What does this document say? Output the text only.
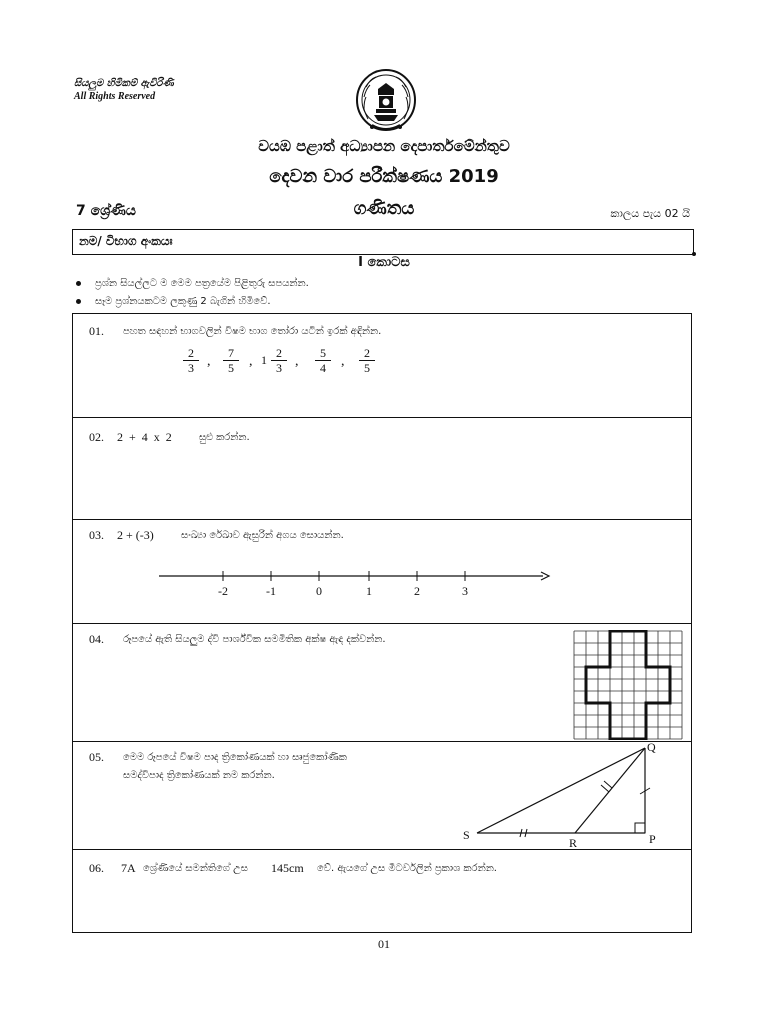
සියලුම හිමිකම් ඇවිරිණි
All Rights Reserved
වයඹ පළාත් අධ්‍යාපන දෙපාර්තමේන්තුව
දෙවන වාර පරීක්ෂණය 2019
7 ශ්‍රේණිය	ගණිතය	කාලය පැය 02 යි
නම/ විභාග අංකයඃ
I කොටස
ප්‍රශ්න සියල්ලට ම මෙම පත්‍රයේම පිළිතුරු සපයන්න.
සෑම ප්‍රශ්නයකටම ලකුණු 2 බැගින් හිමිවේ.
01. පහත සඳහන් භාගවලින් විෂම භාග තෝරා යටින් ඉරක් අඳින්න.
2
3 ,
7
5 , 1 2
3 ,
5
4 ,
2
5
02. 2 + 4 x 2	සුළු කරන්න.
03. 2 + (-3)	සංඛ්‍යා රේඛාව ඇසුරින් අගය සොයන්න.
-2	-1	0	1	2	3
04. රූපයේ ඇති සියලුම ද්වි පාර්ශ්වික සමමිතික අක්ෂ ඇඳ දක්වන්න.
05. මෙම රූපයේ විෂම පාද ත්‍රිකෝණයක් හා සෘජුකෝණික
සමද්විපාද ත්‍රිකෝණයක් නම කරන්න.
Q
S
R	P
06. 7A ශ්‍රේණියේ සමන්තිගේ උස 145cm වේ. ඇයගේ උස මීටර්වලින් ප්‍රකාශ කරන්න.
01
